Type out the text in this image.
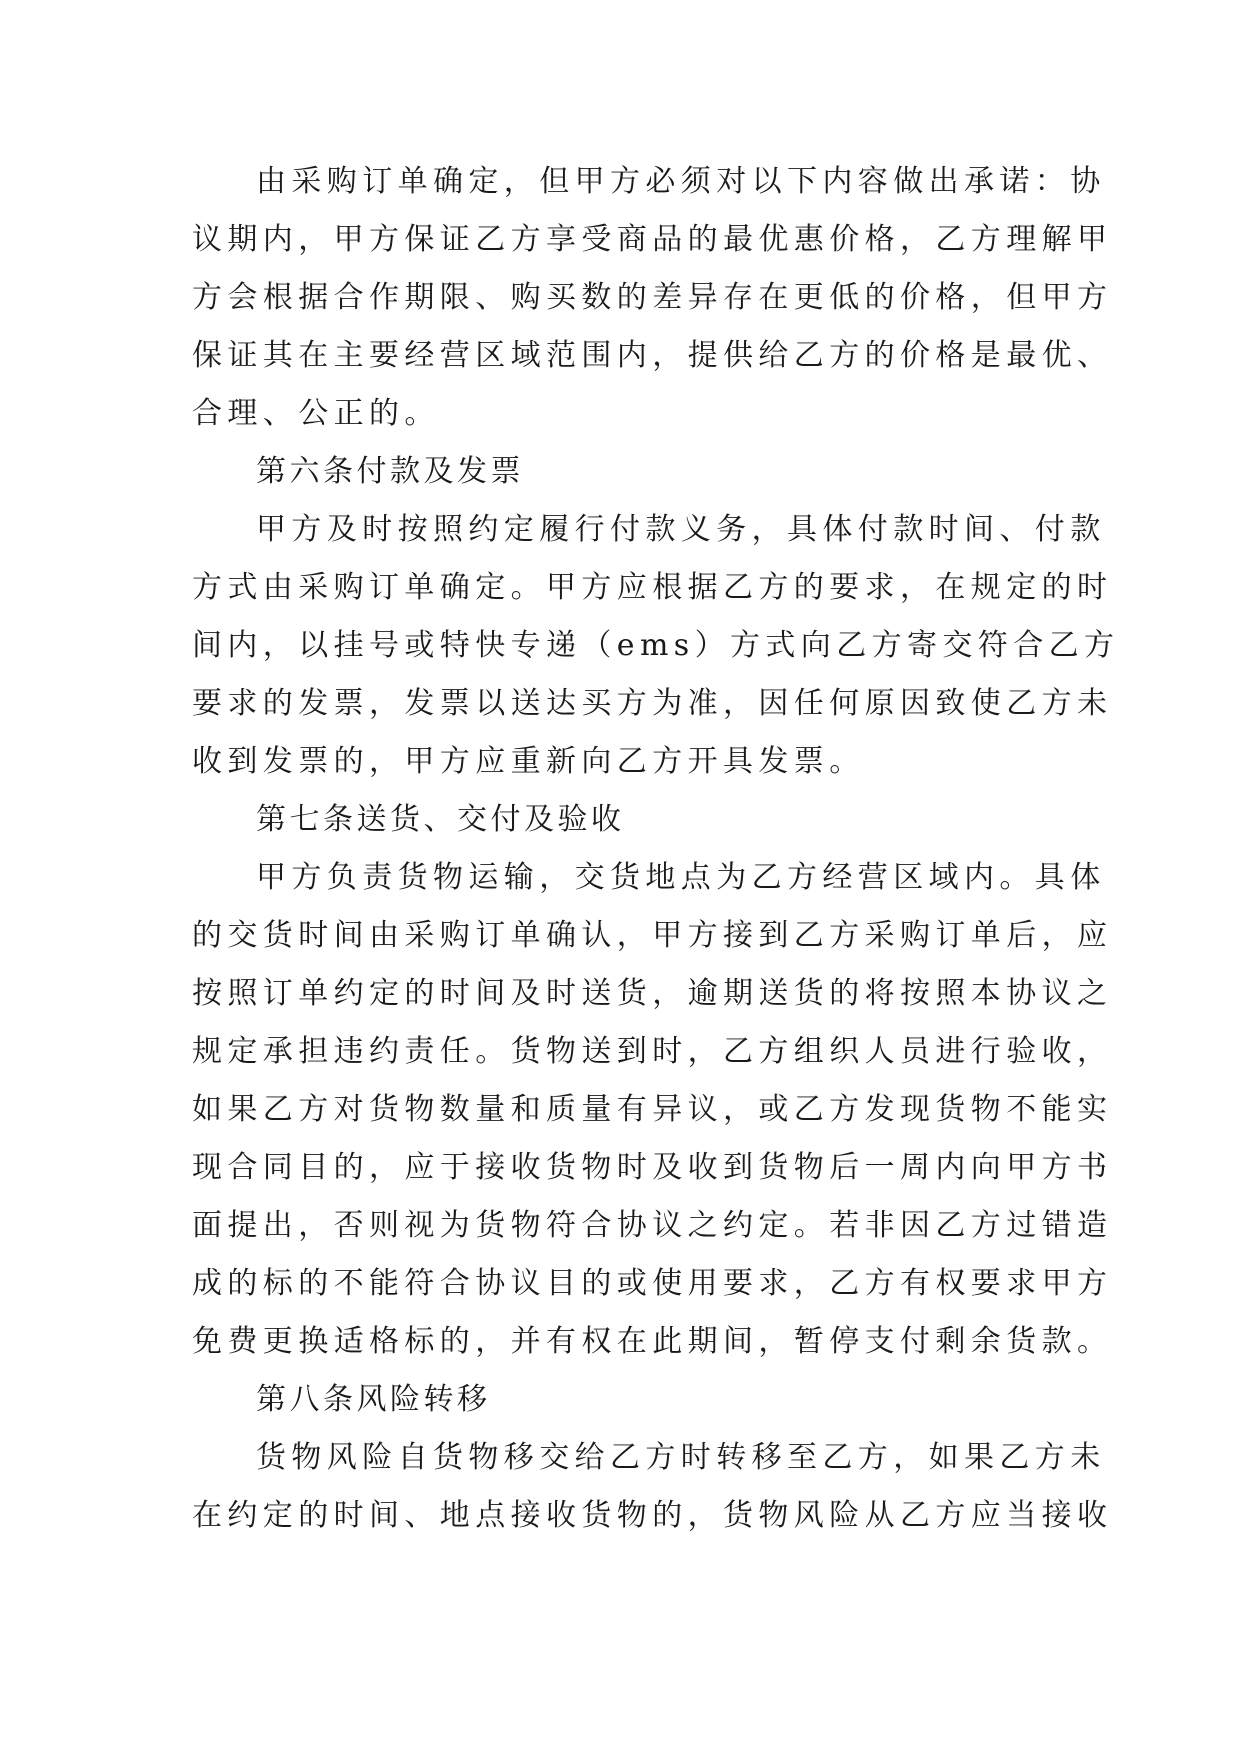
由采购订单确定，但甲方必须对以下内容做出承诺：协
议期内，甲方保证乙方享受商品的最优惠价格，乙方理解甲
方会根据合作期限、购买数的差异存在更低的价格，但甲方
保证其在主要经营区域范围内，提供给乙方的价格是最优、
合理、公正的。
第六条付款及发票
甲方及时按照约定履行付款义务，具体付款时间、付款
方式由采购订单确定。甲方应根据乙方的要求，在规定的时
间内，以挂号或特快专递（ems）方式向乙方寄交符合乙方
要求的发票，发票以送达买方为准，因任何原因致使乙方未
收到发票的，甲方应重新向乙方开具发票。
第七条送货、交付及验收
甲方负责货物运输，交货地点为乙方经营区域内。具体
的交货时间由采购订单确认，甲方接到乙方采购订单后，应
按照订单约定的时间及时送货，逾期送货的将按照本协议之
规定承担违约责任。货物送到时，乙方组织人员进行验收，
如果乙方对货物数量和质量有异议，或乙方发现货物不能实
现合同目的，应于接收货物时及收到货物后一周内向甲方书
面提出，否则视为货物符合协议之约定。若非因乙方过错造
成的标的不能符合协议目的或使用要求，乙方有权要求甲方
免费更换适格标的，并有权在此期间，暂停支付剩余货款。
第八条风险转移
货物风险自货物移交给乙方时转移至乙方，如果乙方未
在约定的时间、地点接收货物的，货物风险从乙方应当接收
